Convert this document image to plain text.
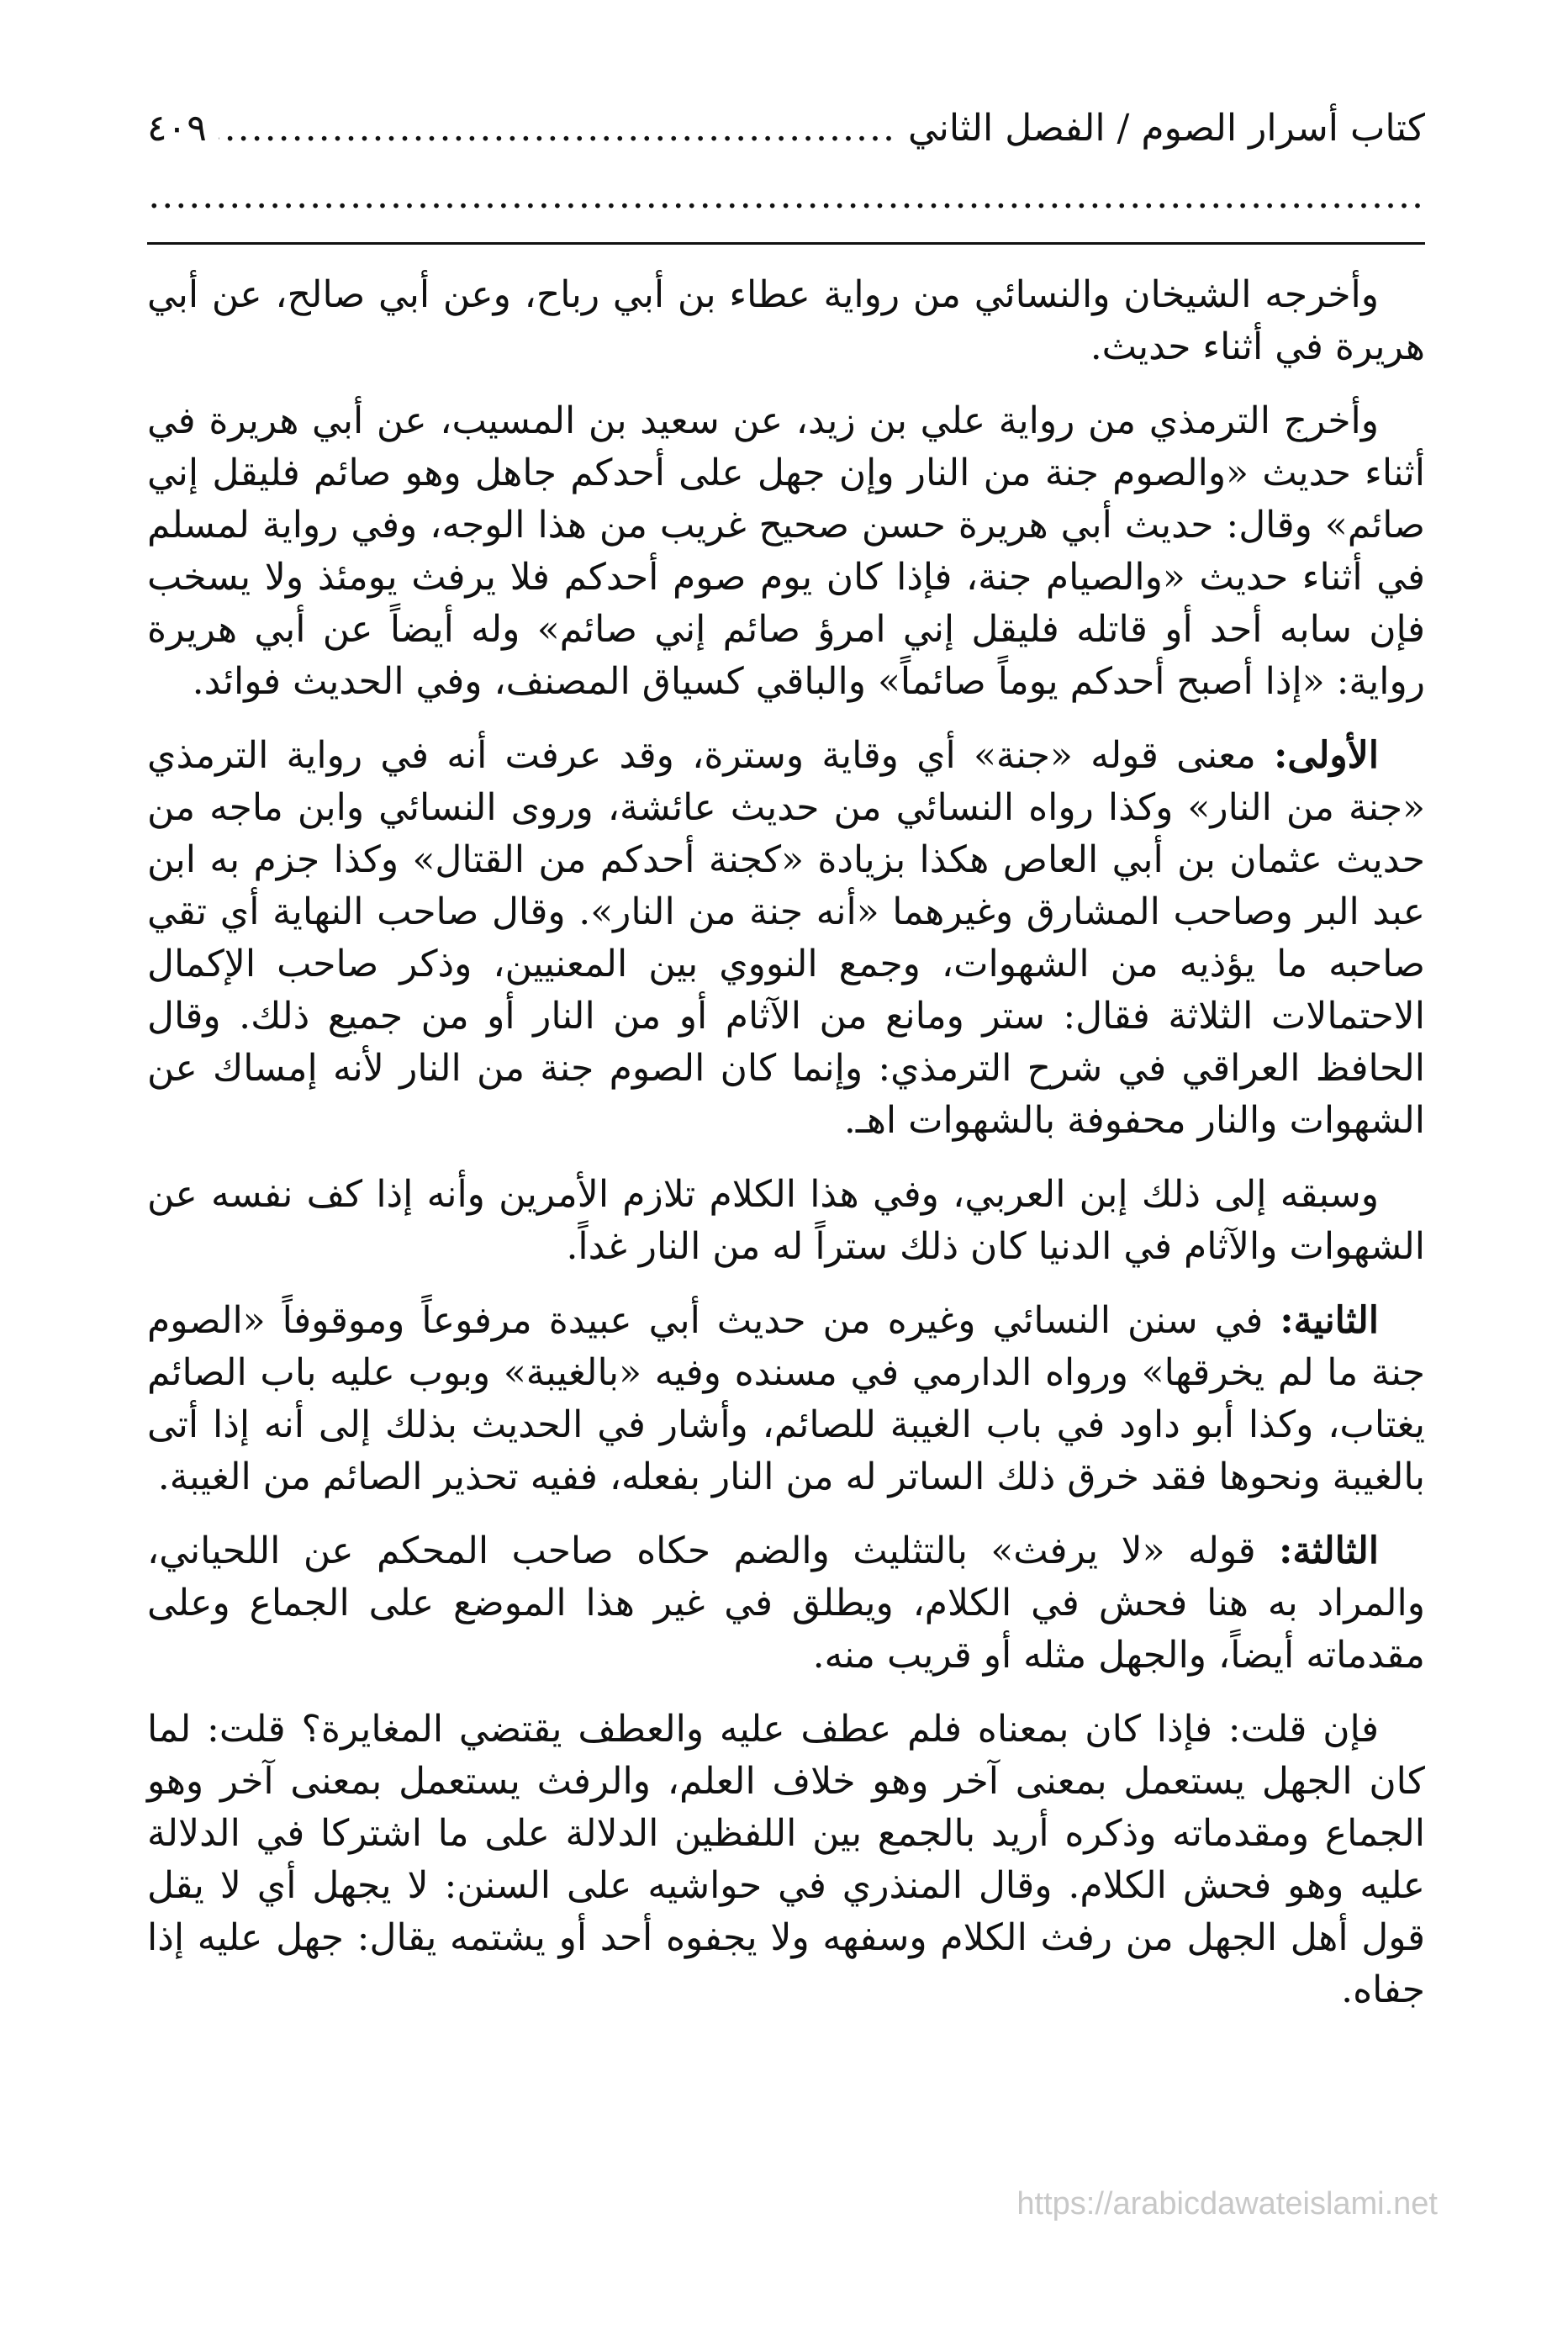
كتاب أسرار الصوم / الفصل الثاني
.....
٤٠٩
.....

وأخرجه الشيخان والنسائي من رواية عطاء بن أبي رباح، وعن أبي صالح، عن أبي هريرة في أثناء حديث.

وأخرج الترمذي من رواية علي بن زيد، عن سعيد بن المسيب، عن أبي هريرة في أثناء حديث «والصوم جنة من النار وإن جهل على أحدكم جاهل وهو صائم فليقل إني صائم» وقال: حديث أبي هريرة حسن صحيح غريب من هذا الوجه، وفي رواية لمسلم في أثناء حديث «والصيام جنة، فإذا كان يوم صوم أحدكم فلا يرفث يومئذ ولا يسخب فإن سابه أحد أو قاتله فليقل إني امرؤ صائم إني صائم» وله أيضاً عن أبي هريرة رواية: «إذا أصبح أحدكم يوماً صائماً» والباقي كسياق المصنف، وفي الحديث فوائد.

الأولى: معنى قوله «جنة» أي وقاية وسترة، وقد عرفت أنه في رواية الترمذي «جنة من النار» وكذا رواه النسائي من حديث عائشة، وروى النسائي وابن ماجه من حديث عثمان بن أبي العاص هكذا بزيادة «كجنة أحدكم من القتال» وكذا جزم به ابن عبد البر وصاحب المشارق وغيرهما «أنه جنة من النار». وقال صاحب النهاية أي تقي صاحبه ما يؤذيه من الشهوات، وجمع النووي بين المعنيين، وذكر صاحب الإكمال الاحتمالات الثلاثة فقال: ستر ومانع من الآثام أو من النار أو من جميع ذلك. وقال الحافظ العراقي في شرح الترمذي: وإنما كان الصوم جنة من النار لأنه إمساك عن الشهوات والنار محفوفة بالشهوات اهـ.

وسبقه إلى ذلك إبن العربي، وفي هذا الكلام تلازم الأمرين وأنه إذا كف نفسه عن الشهوات والآثام في الدنيا كان ذلك ستراً له من النار غداً.

الثانية: في سنن النسائي وغيره من حديث أبي عبيدة مرفوعاً وموقوفاً «الصوم جنة ما لم يخرقها» ورواه الدارمي في مسنده وفيه «بالغيبة» وبوب عليه باب الصائم يغتاب، وكذا أبو داود في باب الغيبة للصائم، وأشار في الحديث بذلك إلى أنه إذا أتى بالغيبة ونحوها فقد خرق ذلك الساتر له من النار بفعله، ففيه تحذير الصائم من الغيبة.

الثالثة: قوله «لا يرفث» بالتثليث والضم حكاه صاحب المحكم عن اللحياني، والمراد به هنا فحش في الكلام، ويطلق في غير هذا الموضع على الجماع وعلى مقدماته أيضاً، والجهل مثله أو قريب منه.

فإن قلت: فإذا كان بمعناه فلم عطف عليه والعطف يقتضي المغايرة؟ قلت: لما كان الجهل يستعمل بمعنى آخر وهو خلاف العلم، والرفث يستعمل بمعنى آخر وهو الجماع ومقدماته وذكره أريد بالجمع بين اللفظين الدلالة على ما اشتركا في الدلالة عليه وهو فحش الكلام. وقال المنذري في حواشيه على السنن: لا يجهل أي لا يقل قول أهل الجهل من رفث الكلام وسفهه ولا يجفوه أحد أو يشتمه يقال: جهل عليه إذا جفاه.

https://arabicdawateislami.net
